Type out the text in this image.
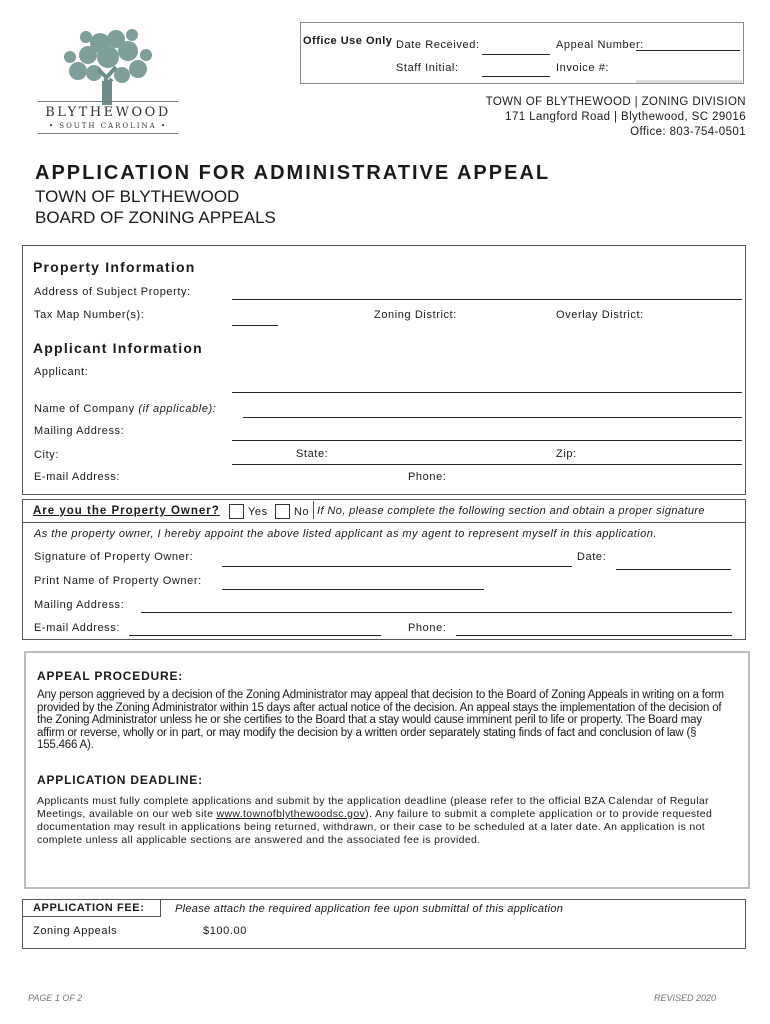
BLYTHEWOOD
• SOUTH CAROLINA •
Office Use Only Date Received:	Appeal Number:
Staff Initial:	Invoice #:
TOWN OF BLYTHEWOOD | ZONING DIVISION
171 Langford Road | Blythewood, SC 29016
Office: 803-754-0501
APPLICATION FOR ADMINISTRATIVE APPEAL
TOWN OF BLYTHEWOOD
BOARD OF ZONING APPEALS
Property Information
Address of Subject Property:
Tax Map Number(s):	Zoning District:	Overlay District:
Applicant Information
Applicant:
Name of Company (if applicable):
Mailing Address:
City:	State:	Zip:
E-mail Address:	Phone:
Are you the Property Owner?	Yes No If No, please complete the following section and obtain a proper signature
As the property owner, I hereby appoint the above listed applicant as my agent to represent myself in this application.
Signature of Property Owner:	Date:
Print Name of Property Owner:
Mailing Address:
E-mail Address:	Phone:
APPEAL PROCEDURE:
Any person aggrieved by a decision of the Zoning Administrator may appeal that decision to the Board of Zoning Appeals in writing on a form provided by the Zoning Administrator within 15 days after actual notice of the decision. An appeal stays the implementation of the decision of the Zoning Administrator unless he or she certifies to the Board that a stay would cause imminent peril to life or property. The Board may affirm or reverse, wholly or in part, or may modify the decision by a written order separately stating finds of fact and conclusion of law (§ 155.466 A).
APPLICATION DEADLINE:
Applicants must fully complete applications and submit by the application deadline (please refer to the official BZA Calendar of Regular Meetings, available on our web site www.townofblythewoodsc.gov). Any failure to submit a complete application or to provide requested documentation may result in applications being returned, withdrawn, or their case to be scheduled at a later date. An application is not complete unless all applicable sections are answered and the associated fee is provided.
APPLICATION FEE:	Please attach the required application fee upon submittal of this application
Zoning Appeals	$100.00
PAGE 1 OF 2	REVISED 2020
